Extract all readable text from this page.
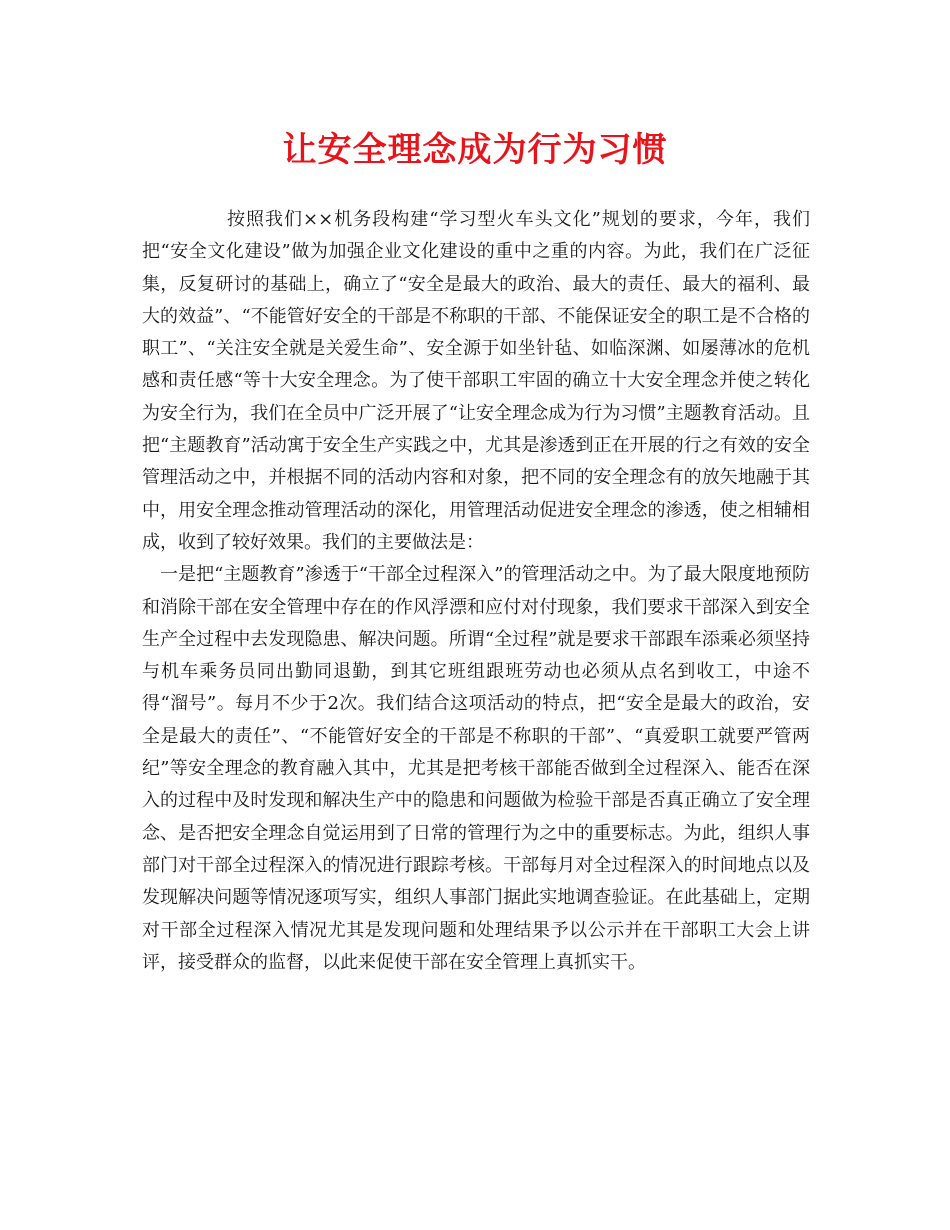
让安全理念成为行为习惯

按照我们××机务段构建“学习型火车头文化”规划的要求，今年，我们把“安全文化建设”做为加强企业文化建设的重中之重的内容。为此，我们在广泛征集，反复研讨的基础上，确立了“安全是最大的政治、最大的责任、最大的福利、最大的效益”、“不能管好安全的干部是不称职的干部、不能保证安全的职工是不合格的职工”、“关注安全就是关爱生命”、安全源于如坐针毡、如临深渊、如屡薄冰的危机感和责任感“等十大安全理念。为了使干部职工牢固的确立十大安全理念并使之转化为安全行为，我们在全员中广泛开展了“让安全理念成为行为习惯”主题教育活动。且把“主题教育”活动寓于安全生产实践之中，尤其是渗透到正在开展的行之有效的安全管理活动之中，并根据不同的活动内容和对象，把不同的安全理念有的放矢地融于其中，用安全理念推动管理活动的深化，用管理活动促进安全理念的渗透，使之相辅相成，收到了较好效果。我们的主要做法是：

一是把“主题教育”渗透于“干部全过程深入”的管理活动之中。为了最大限度地预防和消除干部在安全管理中存在的作风浮漂和应付对付现象，我们要求干部深入到安全生产全过程中去发现隐患、解决问题。所谓“全过程”就是要求干部跟车添乘必须坚持与机车乘务员同出勤同退勤，到其它班组跟班劳动也必须从点名到收工，中途不得“溜号”。每月不少于2次。我们结合这项活动的特点，把“安全是最大的政治，安全是最大的责任”、“不能管好安全的干部是不称职的干部”、“真爱职工就要严管两纪”等安全理念的教育融入其中，尤其是把考核干部能否做到全过程深入、能否在深入的过程中及时发现和解决生产中的隐患和问题做为检验干部是否真正确立了安全理念、是否把安全理念自觉运用到了日常的管理行为之中的重要标志。为此，组织人事部门对干部全过程深入的情况进行跟踪考核。干部每月对全过程深入的时间地点以及发现解决问题等情况逐项写实，组织人事部门据此实地调查验证。在此基础上，定期对干部全过程深入情况尤其是发现问题和处理结果予以公示并在干部职工大会上讲评，接受群众的监督，以此来促使干部在安全管理上真抓实干。
